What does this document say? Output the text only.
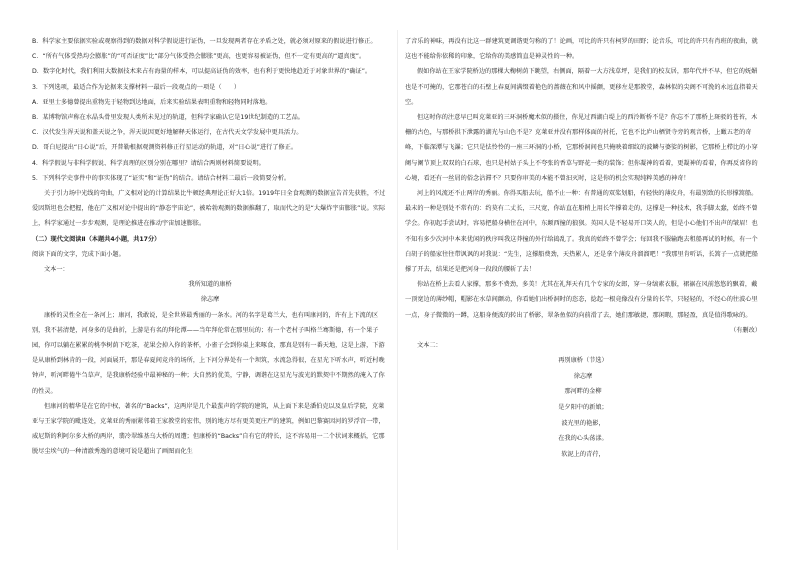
B．科学家主要依据实验或观察得到的数据对科学假说进行证伪，一旦发现两者存在矛盾之处，就必须对原来的假说进行修正。

C．“所有气体受热均会膨胀”的“可否证度”比“部分气体受热会膨胀”更高，也更容易被证伪，但不一定有更高的“逼真度”。

D．数字化时代，我们利用大数据技术来占有海量的样本，可以提高证伪的效率，也有利于更快地趋近于对象世界的“确证”。

3．下列选项，最适合作为论据来支撑材料一最后一段观点的一项是（　　）

A．亚里士多德曾提出重物先于轻物到达地面，后来实验结果表明重物和轻物同时落地。

B．某博物馆声称在水晶头骨里发现人类所未见过的轨道，但科学家确认它是19世纪制造的工艺品。

C．汉代发生浑天说和盖天说之争，浑天说因更好地解释天体运行，在古代天文学发展中更具活力。

D．哥白尼提出“日心说”后，开普勒根据观测资料修正行星运动的轨道，对“日心说”进行了修正。

4．科学假说与非科学假说、科学真理的区别分别在哪里？请结合两则材料简要说明。

5．下列科学史事件中的事实体现了“证实”和“证伪”的结合。请结合材料二最后一段简要分析。

关于引力场中光线的弯曲，广义相对论的计算结果比牛顿经典理论正好大1倍。1919年日全食观测的数据宣告首先获胜，不过爱因斯坦也会把握，他在广义相对论中提出的“静态宇宙论”，被哈勃观测的数据推翻了，取而代之的是“大爆炸宇宙膨胀”说。实际上，科学家通过一步步观测，是理论推进在推动宇宙加速膨胀。

（二）现代文阅读Ⅱ（本题共4小题，共17分）

阅读下面的文字，完成下面小题。

文本一：

我所知道的康桥

徐志摩

康桥的灵性全在一条河上；康河，我敢说，是全世界最秀丽的一条水。河的名字是葛兰大，也有叫康河的，许有上下流的区别，我不甚清楚，河身多的是曲折，上游是有名的拜伦潭——当年拜伦常在那里玩的；有一个老村子叫格兰骞斯德，有一个果子园，你可以躺在累累的桃李树荫下吃茶，花果会掉入你的茶杯，小雀子会到你桌上来啄食，那真是别有一番天地，这是上游，下游是从康桥到林肯的一段，河面展开，那是春夏间竞舟的场所，上下河分界处有一个坝筑，水流急得很，在星光下听水声，听近村晚钟声，听河畔倦牛刍草声，是我康桥经验中最神秘的一种；大自然的优美，宁静，调谐在这星光与波光的默契中不期然的淹入了你的性灵。

但康河的精华是在它的中权，著名的“Backs”，这两岸是几个最蜚声的学院的建筑，从上面下来是潘伯克以及皇后学院，克莱亚与王家学院的毗连处，克莱亚的秀丽紧邻着王家教堂的宏伟，别的地方尽有更美更庄严的建筑，例如巴黎赛因河的罗浮宫一带，威尼斯的利阿尔多大桥的两岸，翡冷翠维基乌大桥的周遭；但康桥的“Backs”自有它的特长，这不容易用一二个状词来概括，它那脱尽尘埃气的一种清澈秀逸的意境可说是超出了画图而化生

了音乐的神味，再没有比这一群建筑更调谐更匀称的了！论画，可比的许只有柯罗的田野；论音乐，可比的许只有肖班的夜曲，就这也不能给你依稀的印象，它给你的美感简直是神灵性的一种。

假如你站在王家学院桥边的那棵大椈树荫下眺望，右侧面，隔着一大方浅草坪，是我们的校友居，那年代并不早，但它的妩媚也是不可掩的，它那苍白的石壁上春夏间满缀着艳色的蔷薇在和风中摇颤，更移左是那教堂，森林似的尖阁不可浼的永远直指着天空。

但这时你的注意早已叫克莱亚的三环洞桥魔术似的摄住，你见过西湖白堤上的西泠断桥不是？你忘不了那桥上斑驳的苍苔，木栅的古色，与那桥拱下泄露的湖光与山色不是？克莱亚并没有那样体面的衬托，它也不比庐山栖贤寺旁的观音桥，上瞰五老的奇峰，下临深潭与飞瀑；它只是怯怜怜的一座三环洞的小桥，它那桥洞间也只掩映着细纹的波鳞与婆娑的树影，它那桥上栉比的小穿阑与阑节顶上双双的白石球，也只是村姑子头上不夸张的香草与野花一类的装饰；但你凝神的看着，更凝神的看着，你再反省你的心境，看还有一丝屑的俗念沾滞不？只要你审美的本能不曾汩灭时，这是你的机会实现纯粹美感的神奇！

河上的风流还不止两岸的秀丽。你得买船去玩，船不止一种：有普通的双桨划船，有轻快的薄皮舟，有最别致的长形撑篙船。最末的一种是别处不常有的：约莫有二丈长，三尺宽，你站直在船梢上用长竿撑着走的，这撑是一种技术，我手脚太蠢，始终不曾学会。你初起手尝试时，容易把船身横住在河中，东颠西撞的狼狈。英国人是不轻易开口笑人的，但是小心他们不出声的皱眉！也不知有多少次河中本来优闲的秩序叫我这莽撞的外行给捣乱了。我真的始终不曾学会；每回我不服输跑去租船再试的时候，有一个白胡子的船家往往带讽讽的对我说：“先生，这撑船费劲，天热累人，还是拿个薄皮舟溜溜吧！”我那里肯听话，长篙子一点就把船撑了开去，结果还是把河身一段段的腰斩了去！

你站在桥上去看人家撑，那多不费劲，多美！尤其在礼拜天有几个专家的女郎，穿一身缟素衣服，裙裾在风前悠悠的飘着，戴一顶宽边的薄纱帽，帽影在水草间颤动，你看她们出桥洞时的恣态，捻起一根竟像没有分量的长竿，只轻轻的，不经心的往波心里一点，身子微微的一蹲，这船身便波的转出了桥影，翠条鱼似的向前滑了去，她们那敏捷，那闲暇，那轻盈，真是值得歌咏的。

（有删改）

文本二：

再别康桥（节选）

徐志摩

那河畔的金柳

是夕阳中的新娘；

波光里的艳影，

在我的心头荡漾。

软泥上的青荇，
